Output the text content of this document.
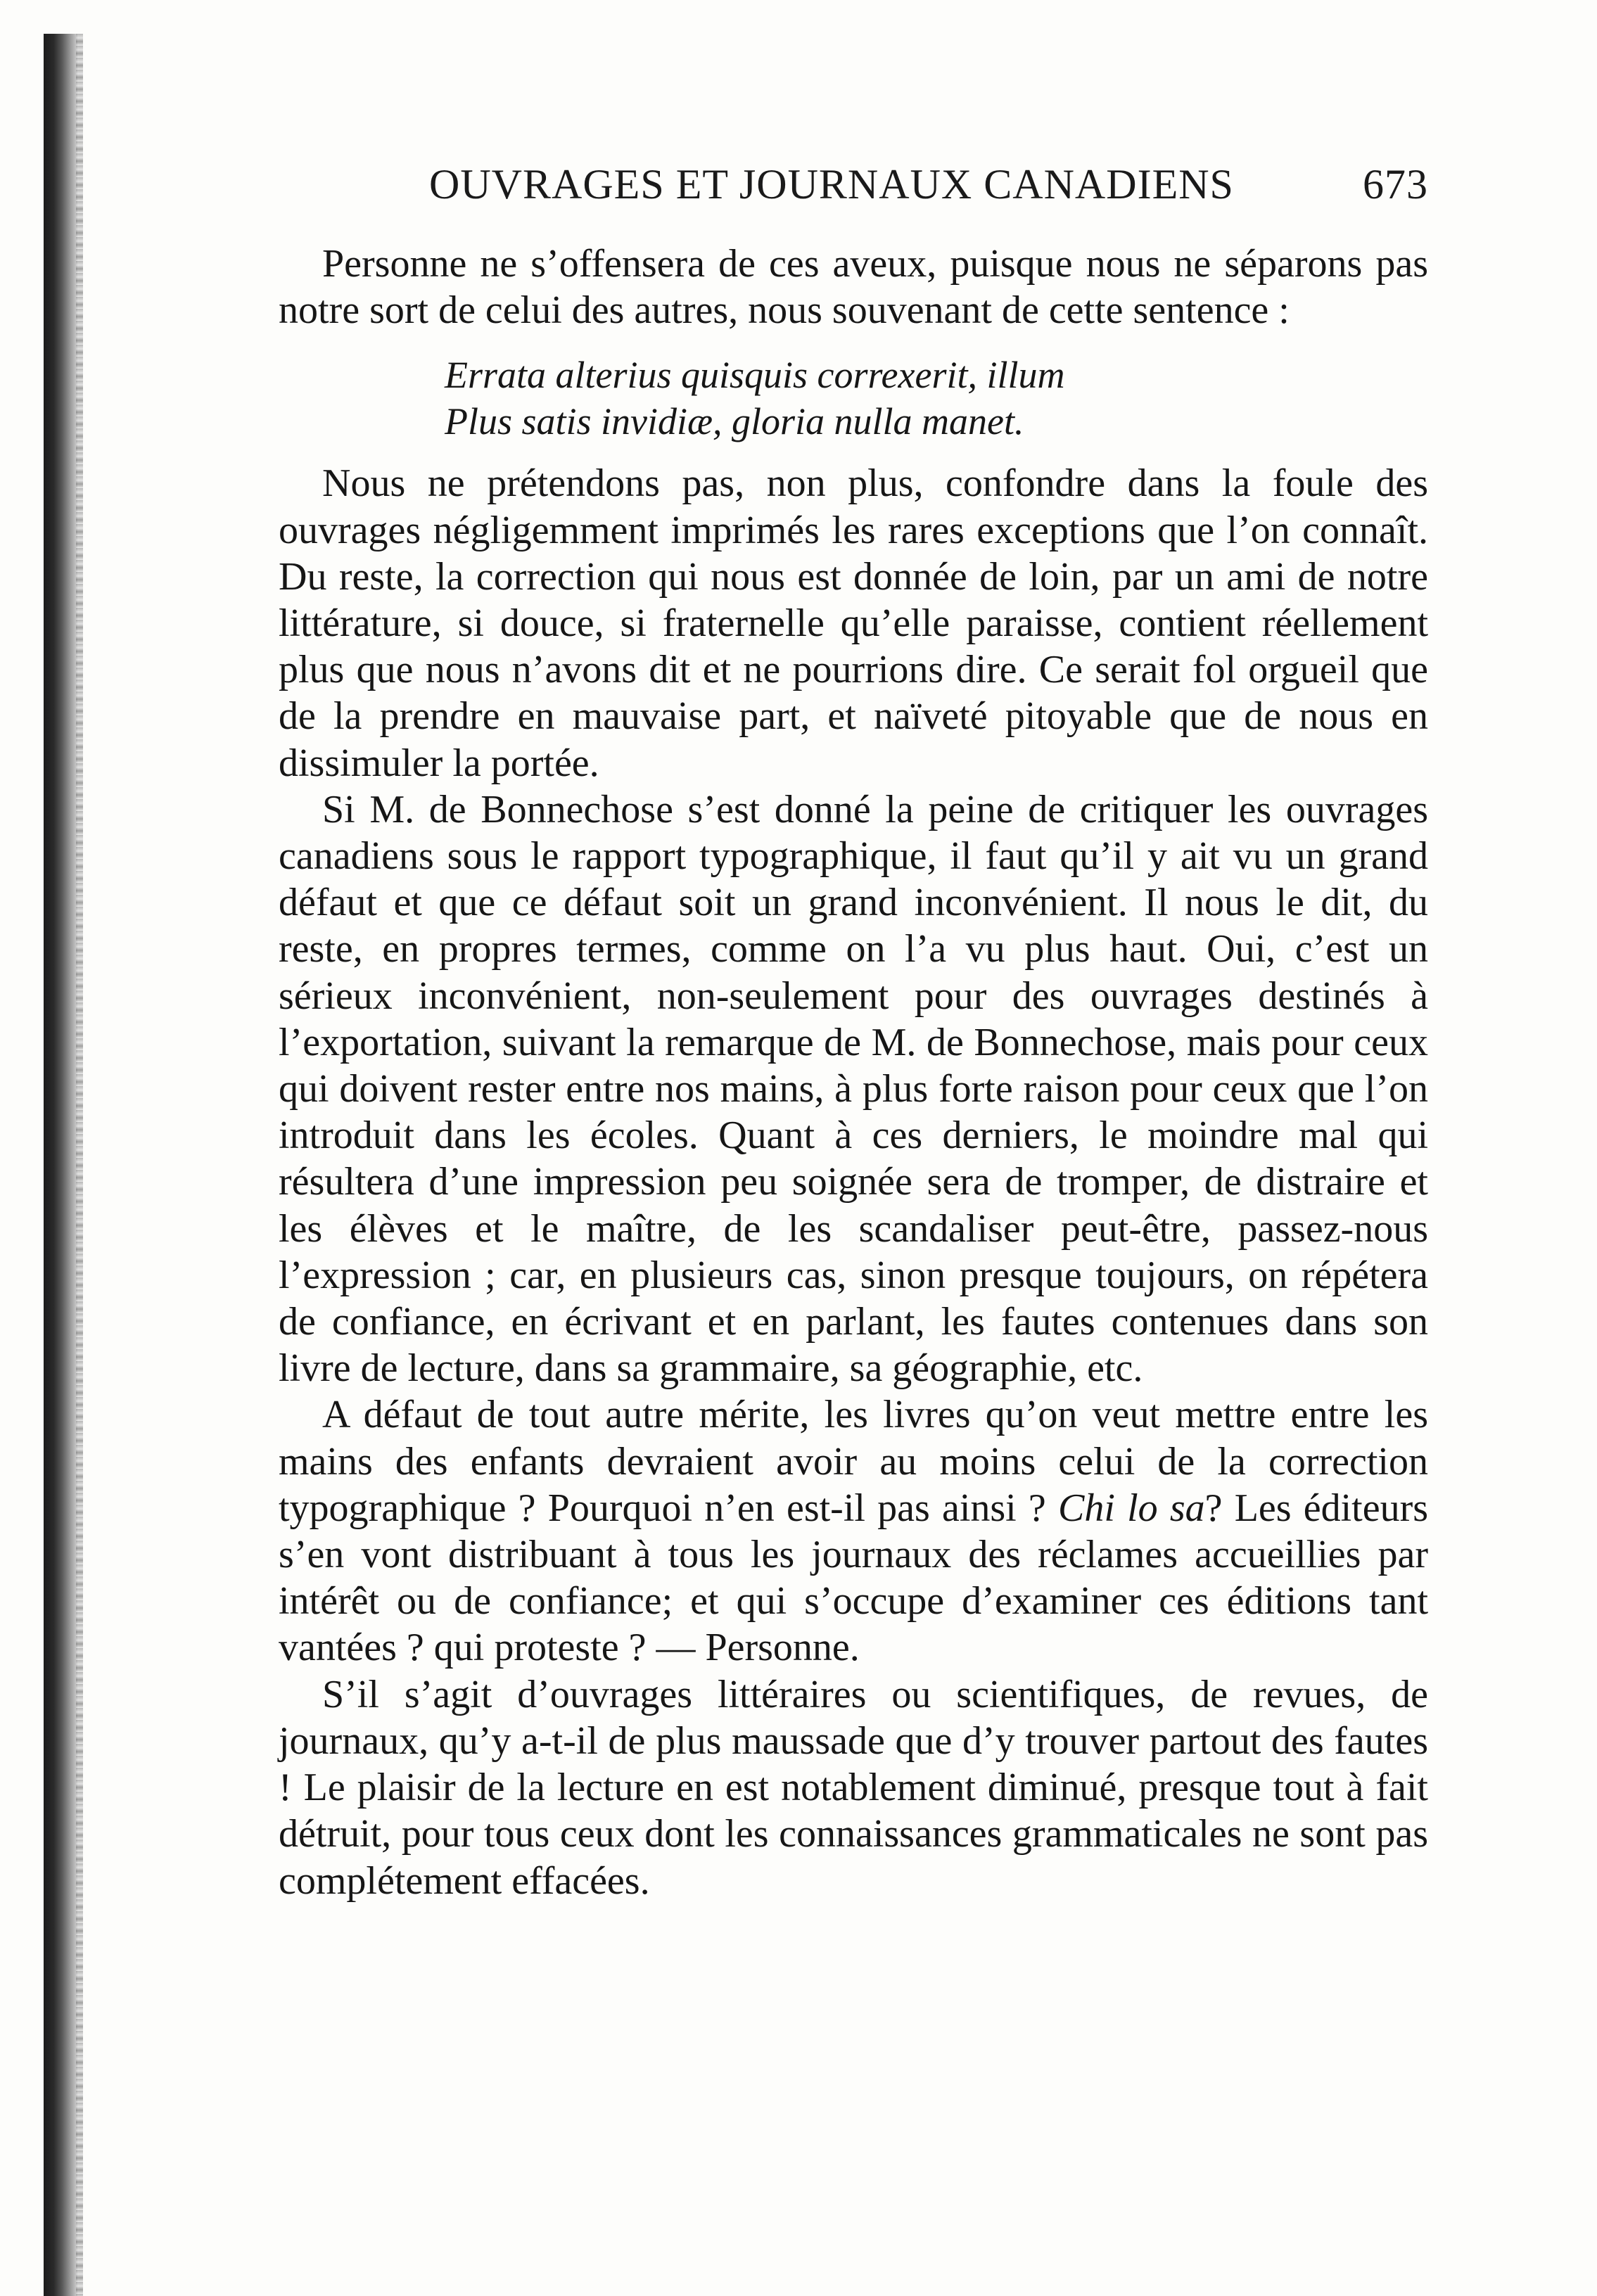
OUVRAGES ET JOURNAUX CANADIENS	673

Personne ne s’offensera de ces aveux, puisque nous ne séparons pas notre sort de celui des autres, nous souvenant de cette sentence :

Errata alterius quisquis correxerit, illum
Plus satis invidiæ, gloria nulla manet.

Nous ne prétendons pas, non plus, confondre dans la foule des ouvrages négligemment imprimés les rares exceptions que l’on connaît. Du reste, la correction qui nous est donnée de loin, par un ami de notre littérature, si douce, si fraternelle qu’elle paraisse, contient réellement plus que nous n’avons dit et ne pourrions dire. Ce serait fol orgueil que de la prendre en mauvaise part, et naïveté pitoyable que de nous en dissimuler la portée.

Si M. de Bonnechose s’est donné la peine de critiquer les ouvrages canadiens sous le rapport typographique, il faut qu’il y ait vu un grand défaut et que ce défaut soit un grand inconvénient. Il nous le dit, du reste, en propres termes, comme on l’a vu plus haut. Oui, c’est un sérieux inconvénient, non-seulement pour des ouvrages destinés à l’exportation, suivant la remarque de M. de Bonnechose, mais pour ceux qui doivent rester entre nos mains, à plus forte raison pour ceux que l’on introduit dans les écoles. Quant à ces derniers, le moindre mal qui résultera d’une impression peu soignée sera de tromper, de distraire et les élèves et le maître, de les scandaliser peut-être, passez-nous l’expression ; car, en plusieurs cas, sinon presque toujours, on répétera de confiance, en écrivant et en parlant, les fautes contenues dans son livre de lecture, dans sa grammaire, sa géographie, etc.

A défaut de tout autre mérite, les livres qu’on veut mettre entre les mains des enfants devraient avoir au moins celui de la correction typographique ? Pourquoi n’en est-il pas ainsi ? Chi lo sa? Les éditeurs s’en vont distribuant à tous les journaux des réclames accueillies par intérêt ou de confiance; et qui s’occupe d’examiner ces éditions tant vantées ? qui proteste ? — Personne.

S’il s’agit d’ouvrages littéraires ou scientifiques, de revues, de journaux, qu’y a-t-il de plus maussade que d’y trouver partout des fautes ! Le plaisir de la lecture en est notablement diminué, presque tout à fait détruit, pour tous ceux dont les connaissances grammaticales ne sont pas complétement effacées.
